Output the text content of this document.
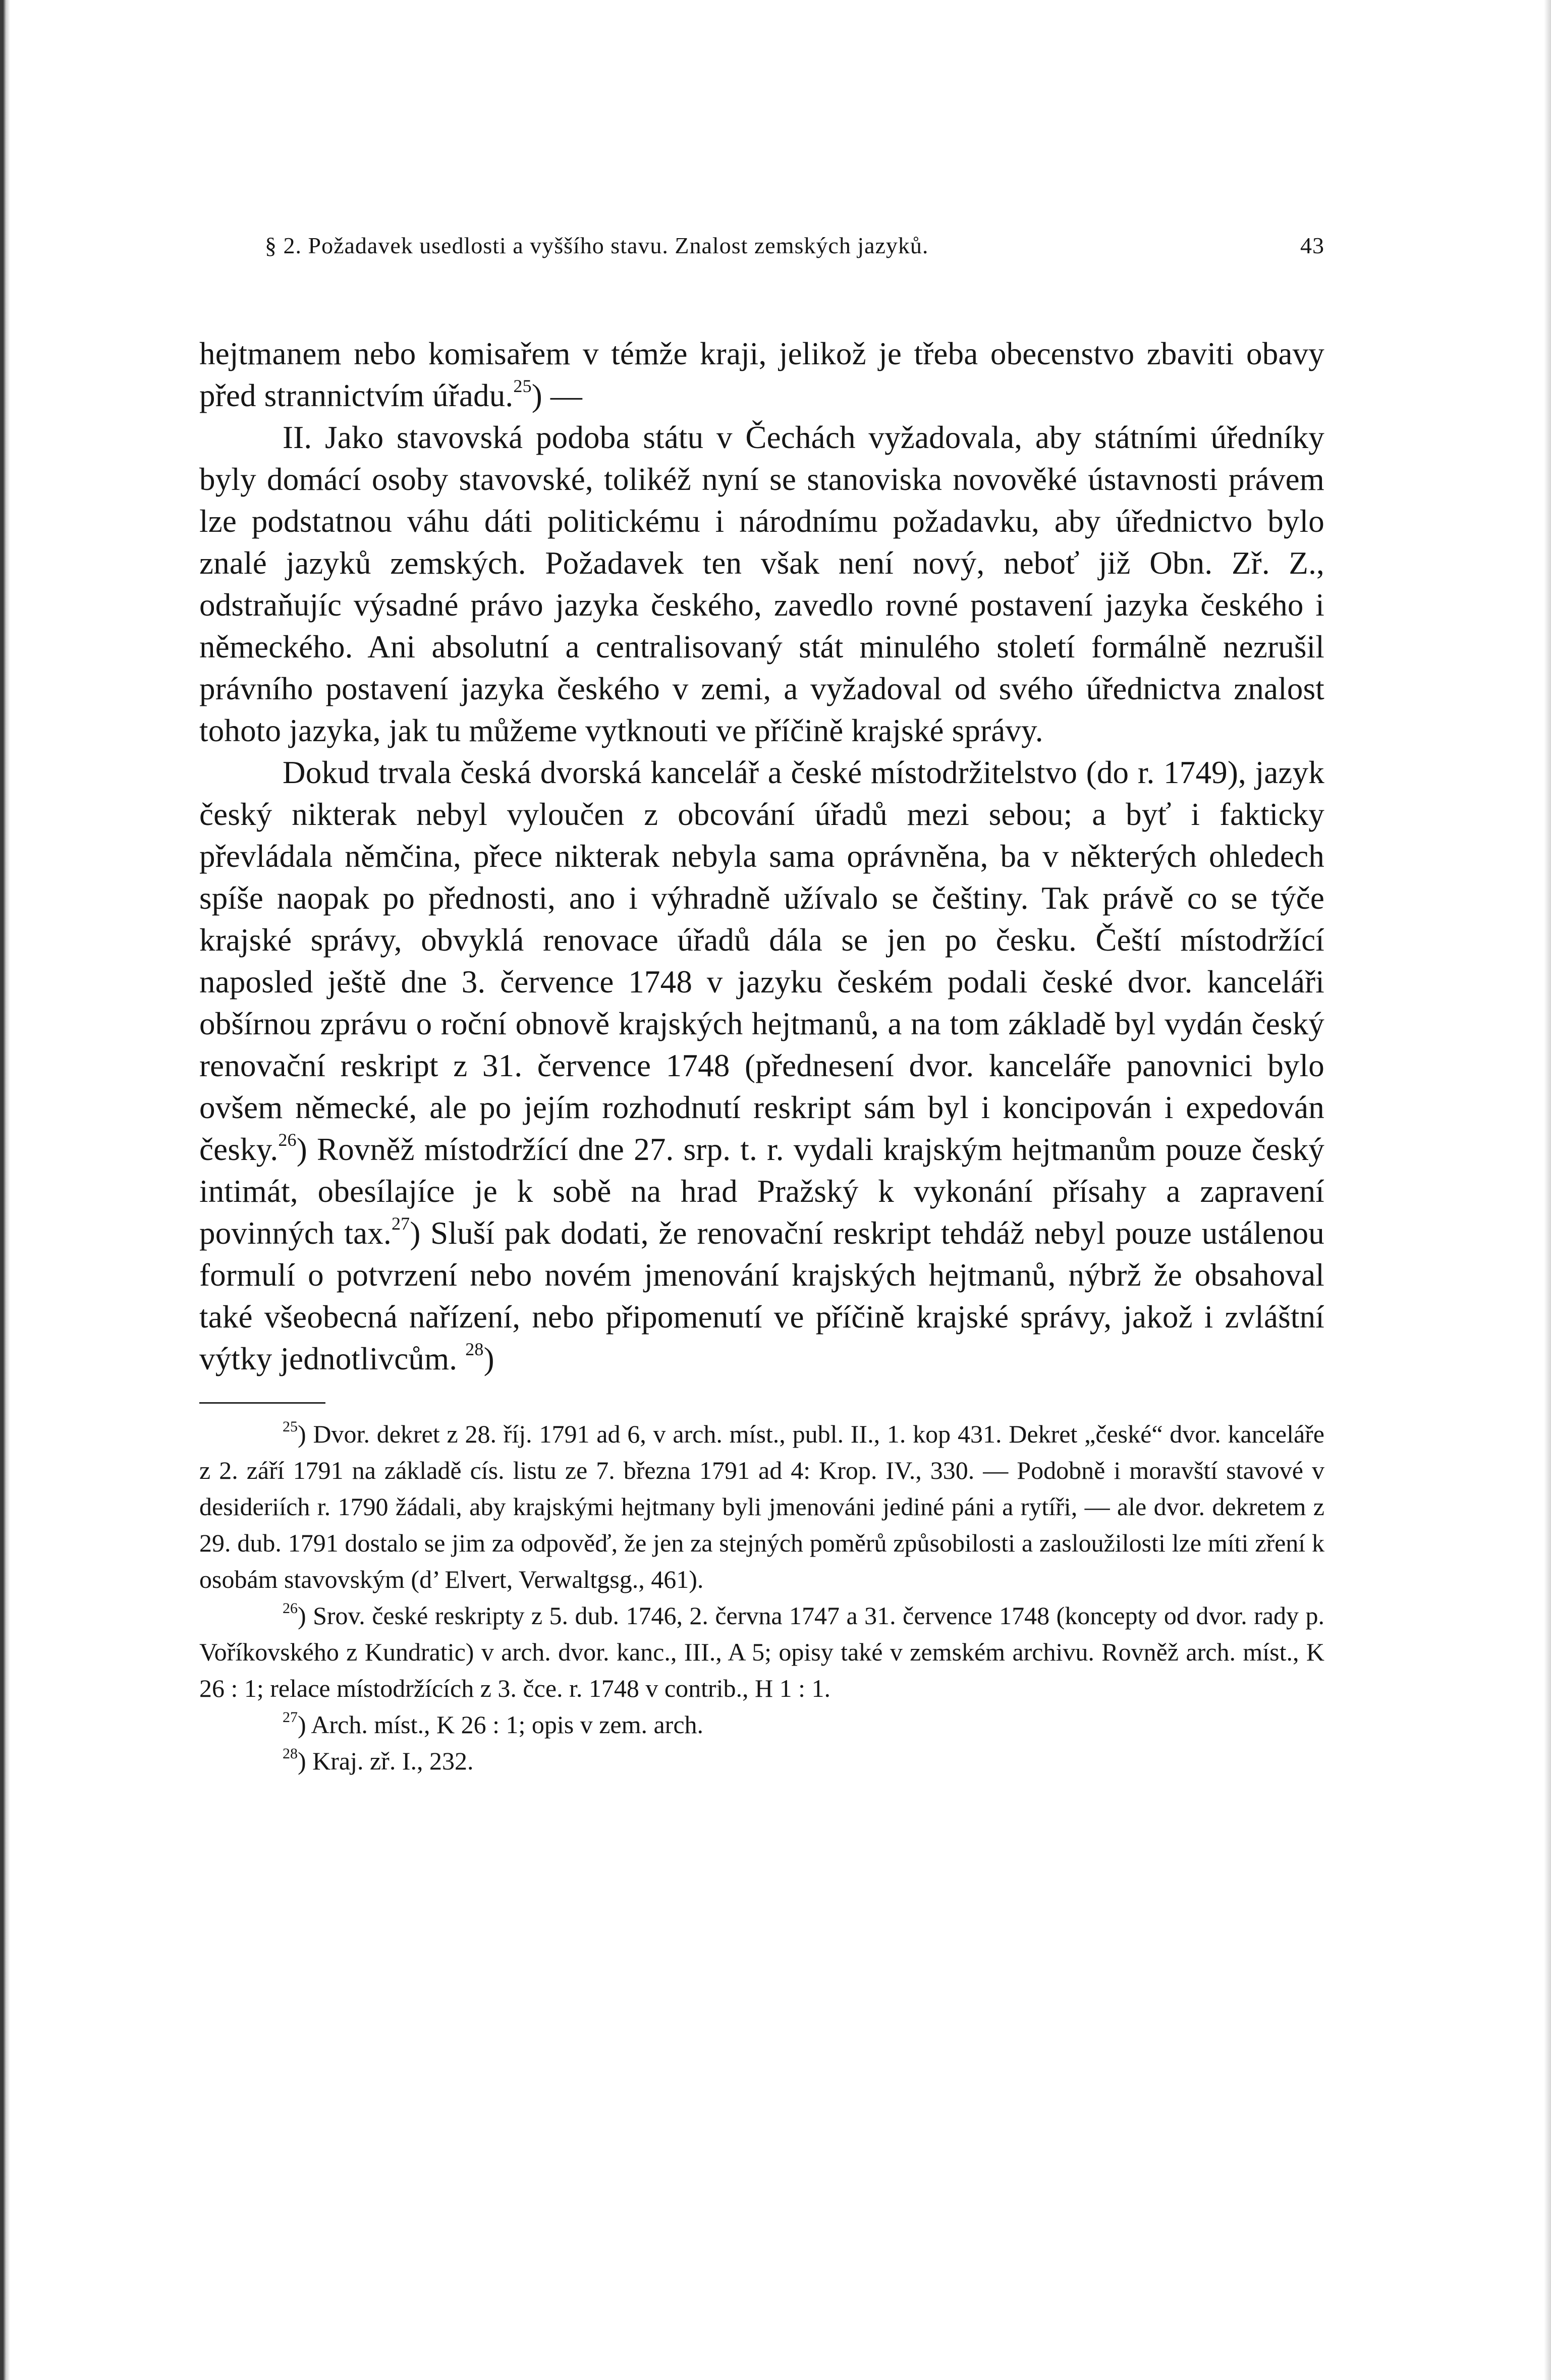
§ 2. Požadavek usedlosti a vyššího stavu. Znalost zemských jazyků.	43

hejtmanem nebo komisařem v témže kraji, jelikož je třeba obecenstvo zbaviti obavy před strannictvím úřadu.$^{25}$) —

II. Jako stavovská podoba státu v Čechách vyžadovala, aby státními úředníky byly domácí osoby stavovské, tolikéž nyní se stanoviska novověké ústavnosti právem lze podstatnou váhu dáti politickému i národnímu požadavku, aby úřednictvo bylo znalé jazyků zemských. Požadavek ten však není nový, neboť již Obn. Zř. Z., odstraňujíc výsadné právo jazyka českého, zavedlo rovné postavení jazyka českého i německého. Ani absolutní a centralisovaný stát minulého století formálně nezrušil právního postavení jazyka českého v zemi, a vyžadoval od svého úřednictva znalost tohoto jazyka, jak tu můžeme vytknouti ve příčině krajské správy.

Dokud trvala česká dvorská kancelář a české místodržitelstvo (do r. 1749), jazyk český nikterak nebyl vyloučen z obcování úřadů mezi sebou; a byť i fakticky převládala němčina, přece nikterak nebyla sama oprávněna, ba v některých ohledech spíše naopak po přednosti, ano i výhradně užívalo se češtiny. Tak právě co se týče krajské správy, obvyklá renovace úřadů dála se jen po česku. Čeští místodržící naposled ještě dne 3. července 1748 v jazyku českém podali české dvor. kanceláři obšírnou zprávu o roční obnově krajských hejtmanů, a na tom základě byl vydán český renovační reskript z 31. července 1748 (přednesení dvor. kanceláře panovnici bylo ovšem německé, ale po jejím rozhodnutí reskript sám byl i koncipován i expedován česky.$^{26}$) Rovněž místodržící dne 27. srp. t. r. vydali krajským hejtmanům pouze český intimát, obesílajíce je k sobě na hrad Pražský k vykonání přísahy a zapravení povinných tax.$^{27}$) Sluší pak dodati, že renovační reskript tehdáž nebyl pouze ustálenou formulí o potvrzení nebo novém jmenování krajských hejtmanů, nýbrž že obsahoval také všeobecná nařízení, nebo připomenutí ve příčině krajské správy, jakož i zvláštní výtky jednotlivcům. $^{28}$)

$^{25}$) Dvor. dekret z 28. říj. 1791 ad 6, v arch. míst., publ. II., 1. kop 431. Dekret „české“ dvor. kanceláře z 2. září 1791 na základě cís. listu ze 7. března 1791 ad 4: Krop. IV., 330. — Podobně i moravští stavové v desideriích r. 1790 žádali, aby krajskými hejtmany byli jmenováni jediné páni a rytíři, — ale dvor. dekretem z 29. dub. 1791 dostalo se jim za odpověď, že jen za stejných poměrů způsobilosti a zasloužilosti lze míti zření k osobám stavovským (d’ Elvert, Verwaltgsg., 461).

$^{26}$) Srov. české reskripty z 5. dub. 1746, 2. června 1747 a 31. července 1748 (koncepty od dvor. rady p. Voříkovského z Kundratic) v arch. dvor. kanc., III., A 5; opisy také v zemském archivu. Rovněž arch. míst., K 26 : 1; relace místodržících z 3. čce. r. 1748 v contrib., H 1 : 1.

$^{27}$) Arch. míst., K 26 : 1; opis v zem. arch.

$^{28}$) Kraj. zř. I., 232.
